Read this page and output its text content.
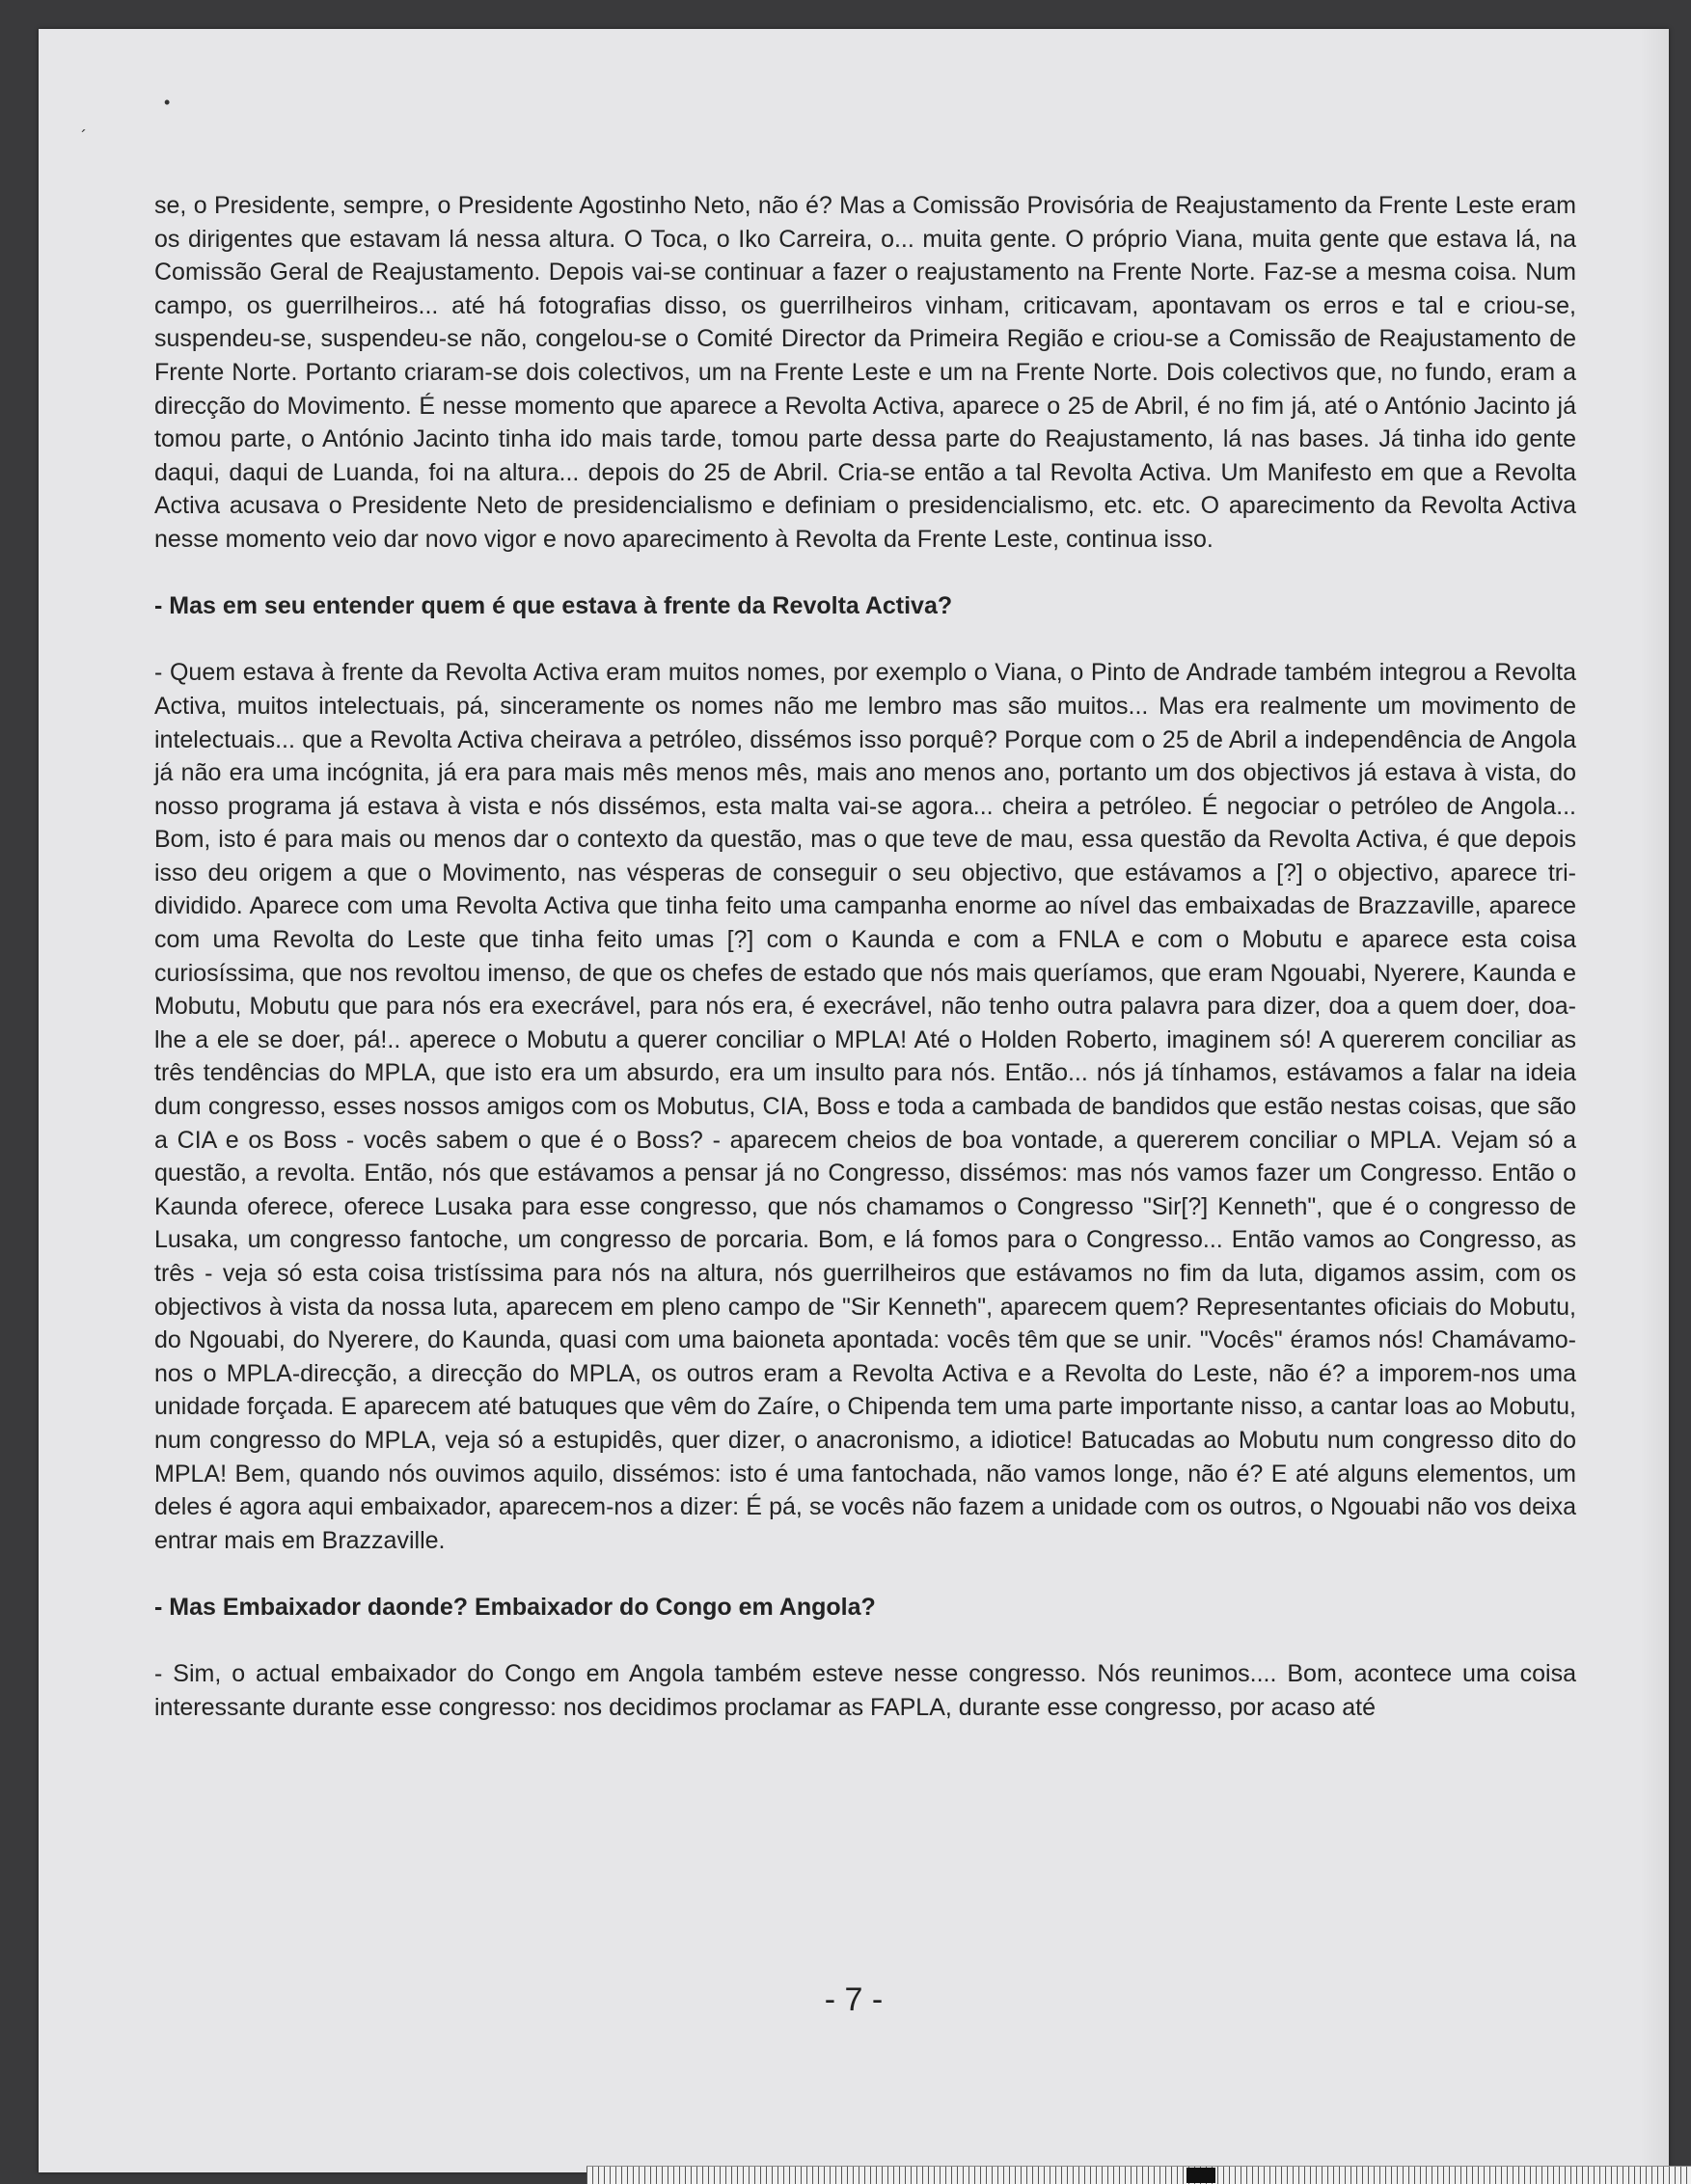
•
´

se, o Presidente, sempre, o Presidente Agostinho Neto, não é? Mas a Comissão Provisória de Reajustamento da Frente Leste eram os dirigentes que estavam lá nessa altura. O Toca, o Iko Carreira, o... muita gente. O próprio Viana, muita gente que estava lá, na Comissão Geral de Reajustamento. Depois vai-se continuar a fazer o reajustamento na Frente Norte. Faz-se a mesma coisa. Num campo, os guerrilheiros... até há fotografias disso, os guerrilheiros vinham, criticavam, apontavam os erros e tal e criou-se, suspendeu-se, suspendeu-se não, congelou-se o Comité Director da Primeira Região e criou-se a Comissão de Reajustamento de Frente Norte. Portanto criaram-se dois colectivos, um na Frente Leste e um na Frente Norte. Dois colectivos que, no fundo, eram a direcção do Movimento. É nesse momento que aparece a Revolta Activa, aparece o 25 de Abril, é no fim já, até o António Jacinto já tomou parte, o António Jacinto tinha ido mais tarde, tomou parte dessa parte do Reajustamento, lá nas bases. Já tinha ido gente daqui, daqui de Luanda, foi na altura... depois do 25 de Abril. Cria-se então a tal Revolta Activa. Um Manifesto em que a Revolta Activa acusava o Presidente Neto de presidencialismo e definiam o presidencialismo, etc. etc. O aparecimento da Revolta Activa nesse momento veio dar novo vigor e novo aparecimento à Revolta da Frente Leste, continua isso.

- Mas em seu entender quem é que estava à frente da Revolta Activa?

- Quem estava à frente da Revolta Activa eram muitos nomes, por exemplo o Viana, o Pinto de Andrade também integrou a Revolta Activa, muitos intelectuais, pá, sinceramente os nomes não me lembro mas são muitos... Mas era realmente um movimento de intelectuais... que a Revolta Activa cheirava a petróleo, dissémos isso porquê? Porque com o 25 de Abril a independência de Angola já não era uma incógnita, já era para mais mês menos mês, mais ano menos ano, portanto um dos objectivos já estava à vista, do nosso programa já estava à vista e nós dissémos, esta malta vai-se agora... cheira a petróleo. É negociar o petróleo de Angola... Bom, isto é para mais ou menos dar o contexto da questão, mas o que teve de mau, essa questão da Revolta Activa, é que depois isso deu origem a que o Movimento, nas vésperas de conseguir o seu objectivo, que estávamos a [?] o objectivo, aparece tri-dividido. Aparece com uma Revolta Activa que tinha feito uma campanha enorme ao nível das embaixadas de Brazzaville, aparece com uma Revolta do Leste que tinha feito umas [?] com o Kaunda e com a FNLA e com o Mobutu e aparece esta coisa curiosíssima, que nos revoltou imenso, de que os chefes de estado que nós mais queríamos, que eram Ngouabi, Nyerere, Kaunda e Mobutu, Mobutu que para nós era execrável, para nós era, é execrável, não tenho outra palavra para dizer, doa a quem doer, doa-lhe a ele se doer, pá!.. aperece o Mobutu a querer conciliar o MPLA! Até o Holden Roberto, imaginem só! A quererem conciliar as três tendências do MPLA, que isto era um absurdo, era um insulto para nós. Então... nós já tínhamos, estávamos a falar na ideia dum congresso, esses nossos amigos com os Mobutus, CIA, Boss e toda a cambada de bandidos que estão nestas coisas, que são a CIA e os Boss - vocês sabem o que é o Boss? - aparecem cheios de boa vontade, a quererem conciliar o MPLA. Vejam só a questão, a revolta. Então, nós que estávamos a pensar já no Congresso, dissémos: mas nós vamos fazer um Congresso. Então o Kaunda oferece, oferece Lusaka para esse congresso, que nós chamamos o Congresso "Sir[?] Kenneth", que é o congresso de Lusaka, um congresso fantoche, um congresso de porcaria. Bom, e lá fomos para o Congresso... Então vamos ao Congresso, as três - veja só esta coisa tristíssima para nós na altura, nós guerrilheiros que estávamos no fim da luta, digamos assim, com os objectivos à vista da nossa luta, aparecem em pleno campo de "Sir Kenneth", aparecem quem? Representantes oficiais do Mobutu, do Ngouabi, do Nyerere, do Kaunda, quasi com uma baioneta apontada: vocês têm que se unir. "Vocês" éramos nós! Chamávamo-nos o MPLA-direcção, a direcção do MPLA, os outros eram a Revolta Activa e a Revolta do Leste, não é? a imporem-nos uma unidade forçada. E aparecem até batuques que vêm do Zaíre, o Chipenda tem uma parte importante nisso, a cantar loas ao Mobutu, num congresso do MPLA, veja só a estupidês, quer dizer, o anacronismo, a idiotice! Batucadas ao Mobutu num congresso dito do MPLA! Bem, quando nós ouvimos aquilo, dissémos: isto é uma fantochada, não vamos longe, não é? E até alguns elementos, um deles é agora aqui embaixador, aparecem-nos a dizer: É pá, se vocês não fazem a unidade com os outros, o Ngouabi não vos deixa entrar mais em Brazzaville.

- Mas Embaixador daonde? Embaixador do Congo em Angola?

- Sim, o actual embaixador do Congo em Angola também esteve nesse congresso. Nós reunimos.... Bom, acontece uma coisa interessante durante esse congresso: nos decidimos proclamar as FAPLA, durante esse congresso, por acaso até

- 7 -
